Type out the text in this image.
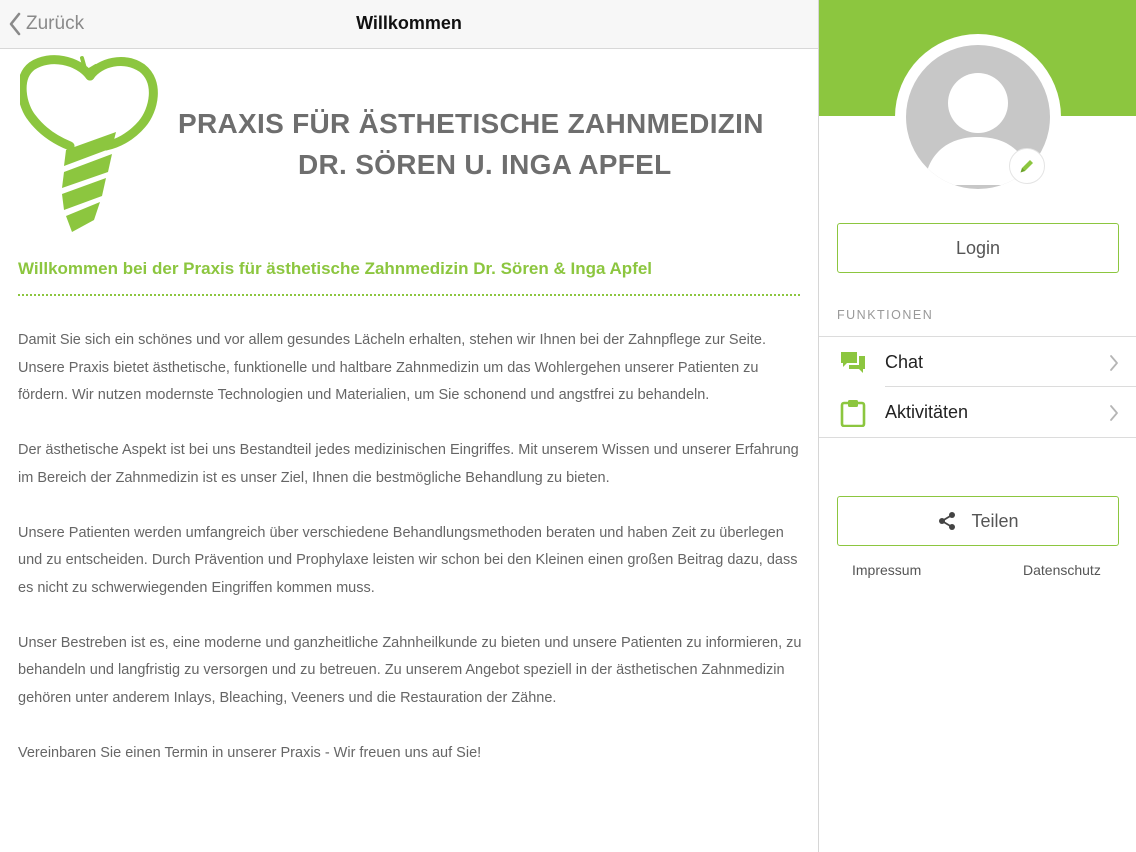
Zurück	Willkommen
PRAXIS FÜR ÄSTHETISCHE ZAHNMEDIZIN
DR. SÖREN U. INGA APFEL
Willkommen bei der Praxis für ästhetische Zahnmedizin Dr. Sören & Inga Apfel

Damit Sie sich ein schönes und vor allem gesundes Lächeln erhalten, stehen wir Ihnen bei der Zahnpflege zur Seite. Unsere Praxis bietet ästhetische, funktionelle und haltbare Zahnmedizin um das Wohlergehen unserer Patienten zu fördern. Wir nutzen modernste Technologien und Materialien, um Sie schonend und angstfrei zu behandeln.

Der ästhetische Aspekt ist bei uns Bestandteil jedes medizinischen Eingriffes. Mit unserem Wissen und unserer Erfahrung im Bereich der Zahnmedizin ist es unser Ziel, Ihnen die bestmögliche Behandlung zu bieten.

Unsere Patienten werden umfangreich über verschiedene Behandlungsmethoden beraten und haben Zeit zu überlegen und zu entscheiden. Durch Prävention und Prophylaxe leisten wir schon bei den Kleinen einen großen Beitrag dazu, dass es nicht zu schwerwiegenden Eingriffen kommen muss.

Unser Bestreben ist es, eine moderne und ganzheitliche Zahnheilkunde zu bieten und unsere Patienten zu informieren, zu behandeln und langfristig zu versorgen und zu betreuen. Zu unserem Angebot speziell in der ästhetischen Zahnmedizin gehören unter anderem Inlays, Bleaching, Veeners und die Restauration der Zähne.

Vereinbaren Sie einen Termin in unserer Praxis - Wir freuen uns auf Sie!

Login
FUNKTIONEN
Chat
Aktivitäten
Teilen
Impressum	Datenschutz
